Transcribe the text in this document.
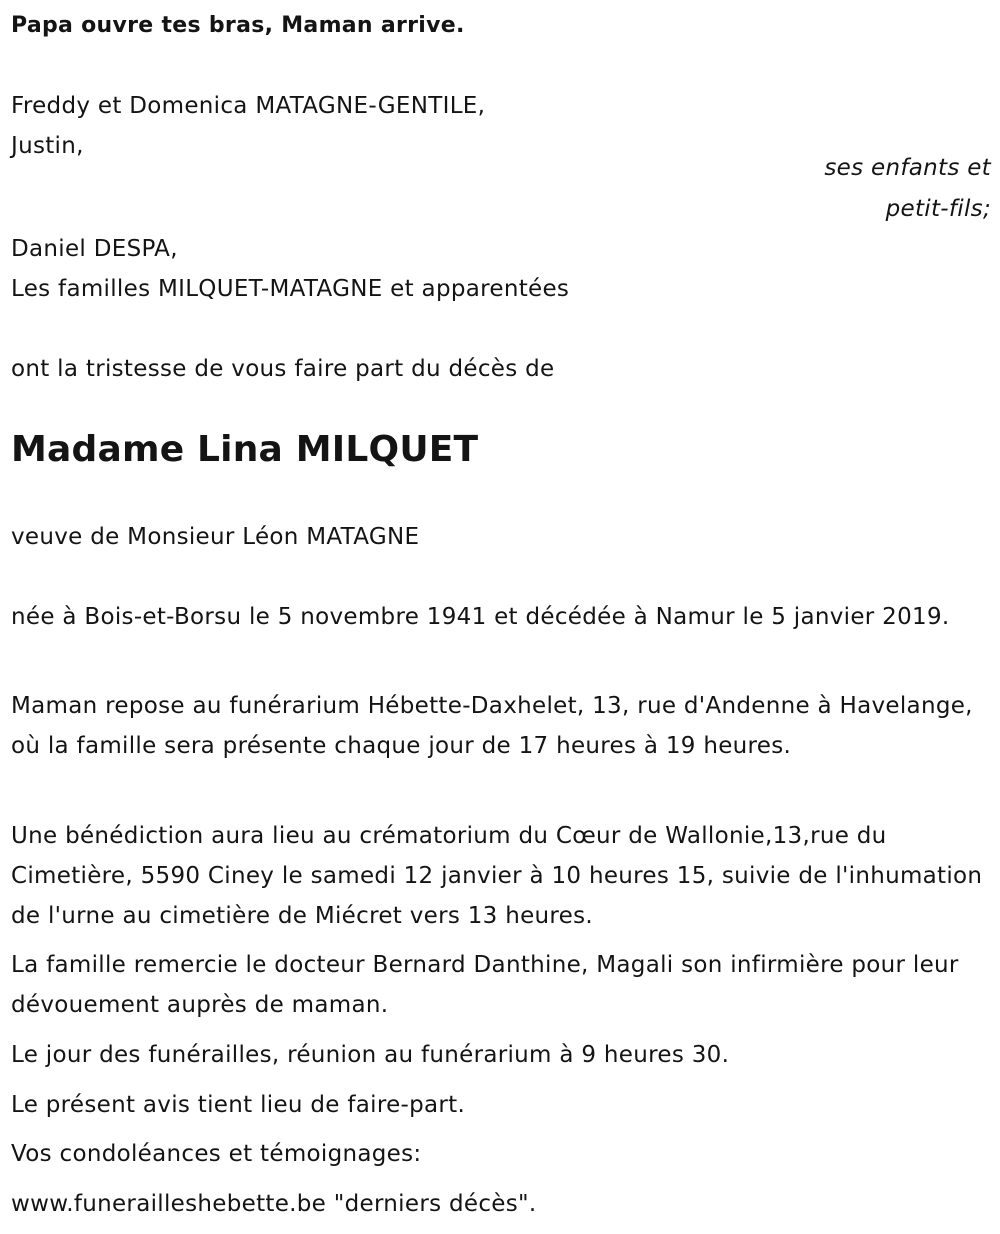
Papa ouvre tes bras, Maman arrive.
Freddy et Domenica MATAGNE-GENTILE,
Justin,
ses enfants et
petit-fils;
Daniel DESPA,
Les familles MILQUET-MATAGNE et apparentées
ont la tristesse de vous faire part du décès de
Madame Lina MILQUET
veuve de Monsieur Léon MATAGNE
née à Bois-et-Borsu le 5 novembre 1941 et décédée à Namur le 5 janvier 2019.
Maman repose au funérarium Hébette-Daxhelet, 13, rue d'Andenne à Havelange, où la famille sera présente chaque jour de 17 heures à 19 heures.
Une bénédiction aura lieu au crématorium du Cœur de Wallonie,13,rue du Cimetière, 5590 Ciney le samedi 12 janvier à 10 heures 15, suivie de l'inhumation de l'urne au cimetière de Miécret vers 13 heures.
La famille remercie le docteur Bernard Danthine, Magali son infirmière pour leur dévouement auprès de maman.
Le jour des funérailles, réunion au funérarium à 9 heures 30.
Le présent avis tient lieu de faire-part.
Vos condoléances et témoignages:
www.funerailleshebette.be "derniers décès".
